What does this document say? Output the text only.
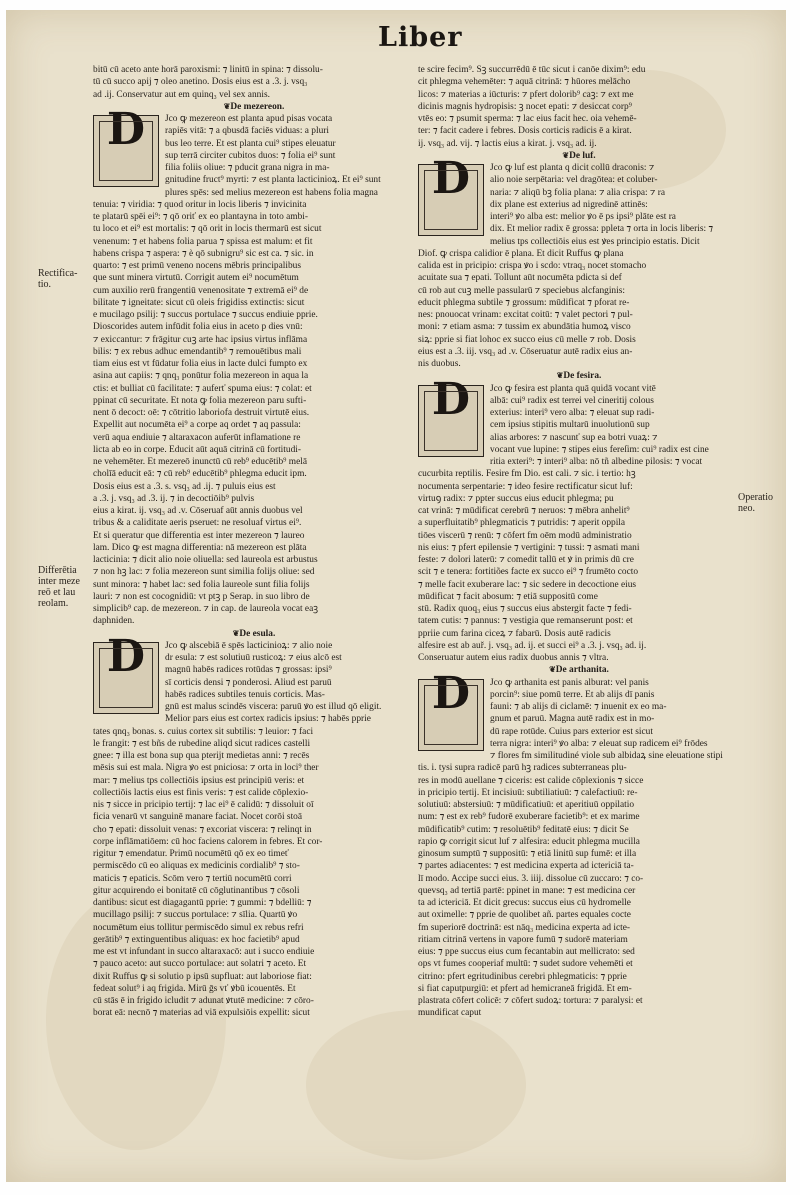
Liber
Rectifica-
tio.
Differētia
inter meze
reō et lau
reolam.
Operatio
neo.
bitū cū aceto ante horā paroxismi: ⁊ linitū in spina: ⁊ dissolu-
tū cū succo apij ⁊ oleo anetino. Dosis eius est a .3. j. vsq₃
ad .ij. Conservatur aut em quinq₃ vel sex annis.
❦ De mezereon.
D	Jco ꝙ mezereon est planta apud pisas vocata
rapiēs vitā: ⁊ a qbusdā faciēs viduas: a pluri
bus leo terre. Et est planta cui⁹ stipes eleuatur
sup terrā circiter cubitos duos: ⁊ folia ei⁹ sunt
filia foliis oliue: ⁊ pducit grana nigra in ma-
gnitudine fruct⁹ myrti: ⁊ est planta lacticinioꝝ. Et ei⁹ sunt
plures spēs: sed melius mezereon est habens folia magna
tenuia: ⁊ viridia: ⁊ quod oritur in locis liberis ⁊ invicinita
te platarū spēi ei⁹: ⁊ qō oriť ex eo plantayna in toto ambi-
tu loco et ei⁹ est mortalis: ⁊ qō orit in locis thermarū est sicut
venenum: ⁊ et habens folia parua ⁊ spissa est malum: et fit
habens crispa ⁊ aspera: ⁊ è qō subnigru⁹ sic est ca. ⁊ sic. in
quarto: ⁊ est primū veneno nocens mēbris principalibus
que sunt minera virtutū. Corrigit autem ei⁹ nocumētum
cum auxilio rerū frangentiū venenositate ⁊ extremā ei⁹ de
bilitate ⁊ igneitate: sicut cū oleis frigidiss extinctis: sicut
e mucilago psilij: ⁊ succus portulace ⁊ succus endiuie pprie.
Dioscorides autem infūdit folia eius in aceto p dies vnū:
⁊ exiccantur: ⁊ frāgitur cuꝫ arte hac ipsius virtus inflāma
bilis: ⁊ ex rebus adhuc emendantib⁹ ⁊ remouētibus mali
tiam eius est vt fūdatur folia eius in lacte dulci fumpto ex
asina aut capiis: ⁊ qnq₃ ponūtur folia mezereon in aqua la
ctis: et bulliat cū facilitate: ⁊ auferť spuma eius: ⁊ colat: et
ppinat cū securitate. Et nota ꝙ folia mezereon paru sufti-
nent ō decoct: oē: ⁊ cōtritio laboriofa destruit virtutē eius.
Expellit aut nocumēta ei⁹ a corpe aq ordet ⁊ aq passula:
verū aqua endiuie ⁊ altaraxacon auferūt inflamatione re
licta ab eo in corpe. Educit aūt aquā citrinā cū fortitudi-
ne vehemēter. Et mezereō inunctū cū reb⁹ educētib⁹ melā
cholīā educit eā: ⁊ cū reb⁹ educētib⁹ phlegma educit ipm.
Dosis eius est a .3. s. vsq₃ ad .ij. ⁊ puluis eius est
a .3. j. vsq₃ ad .3. ij. ⁊ in decoctiōib⁹ pulvis
eius a kirat. ij. vsq₃ ad .v. Cōseruaf aūt annis duobus vel
tribus & a caliditate aeris pseruet: ne resoluaf virtus ei⁹.
Et si queratur que differentia est inter mezereon ⁊ laureo
lam. Dico ꝙ est magna differentia: nā mezereon est plāta
lacticinia: ⁊ dicit alio noie oliuella: sed laureola est arbustus
⁊ non hꝫ lac: ⁊ folia mezereon sunt similia folijs oliue: sed
sunt minora: ⁊ habet lac: sed folia laureole sunt filia folijs
lauri: ⁊ non est cocognidiū: vt ptꝫ p Serap. in suo libro de
simplicib⁹ cap. de mezereon. ⁊ in cap. de laureola vocat eaꝫ
daphniden.
❦ De esula.
D	Jco ꝙ alscebiā ē spēs lacticinioꝝ: ⁊ alio noie
dr esula: ⁊ est solutiuū rusticoꝝ: ⁊ eius alcō est
magnū habēs radices rotūdas ⁊ grossas: ipsi⁹
sī corticis densi ⁊ ponderosi. Aliud est paruū
habēs radices subtiles tenuis corticis. Mas-
gnū est malus scindēs viscera: paruū ꝟo est illud qō eligit.
Melior pars eius est cortex radicis ipsius: ⁊ habēs pprie
tates qnq₃ bonas. s. cuius cortex sit subtilis: ⁊ leuior: ⁊ faci
le frangit: ⁊ est bñs de rubedine aliqd sicut radices castelli
gnee: ⁊ illa est bona sup qua pterijt medietas anni: ⁊ recēs
mēsis sui est mala. Nigra ꝟo est pniciosa: ⁊ orta in loci⁹ ther
mar: ⁊ melius tps collectiōis ipsius est principiū veris: et
collectiōis lactis eius est finis veris: ⁊ est calide cōplexio-
nis ⁊ sicce in pricipio tertij: ⁊ lac ei⁹ ē calidū: ⁊ dissoluit oī
ficia venarū vt sanguinē manare faciat. Nocet corōi stoā
cho ⁊ epati: dissoluit venas: ⁊ excoriat viscera: ⁊ relinqt in
corpe inflāmatiōem: cū hoc faciens calorem in febres. Et cor-
rigitur ⁊ emendatur. Primū nocumētū qō ex eo timeť
permiscēdo cū eo aliquas ex medicinis cordialib⁹ ⁊ sto-
maticis ⁊ epaticis. Scōm vero ⁊ tertiū nocumētū corri
gitur acquirendo ei bonitatē cū cōglutinantibus ⁊ cōsoli
dantibus: sicut est diagagantū pprie: ⁊ gummi: ⁊ bdelliū: ⁊
mucillago psilij: ⁊ succus portulace: ⁊ sīlia. Quartū ꝟo
nocumētum eius tollitur permiscēdo simul ex rebus refri
gerātib⁹ ⁊ extinguentibus aliquas: ex hoc facietib⁹ apud
me est vt infundant in succo altaraxacō: aut i succo endiuie
⁊ pauco aceto: aut succo portulace: aut solatri ⁊ aceto. Et
dixit Ruffus ꝙ si solutio p ipsū supfluat: aut laboriose fiat:
fedeat solut⁹ i aq frigida. Mirū ḡs vť ꝟbū icouentēs. Et
cū stās ē in frigido icludit ⁊ adunat ꝟtutē medicine: ⁊ cōro-
borat eā: necnō ⁊ materias ad viā expulsiōis expellit: sicut
te scire fecim⁹. Sꝫ succurrēdū ē tūc sicut i canōe dixim⁹: edu
cit phlegma vehemēter: ⁊ aquā citrinā: ⁊ hūores melācho
licos: ⁊ materias a iūcturis: ⁊ pfert dolorib⁹ caꝫ: ⁊ ext me
dicinis magnis hydropisis: ꝫ nocet epati: ⁊ desiccat corp⁹
vtēs eo: ⁊ psumit sperma: ⁊ lac eius facit hec. oia vehemē-
ter: ⁊ facit cadere i febres. Dosis corticis radicis ē a kirat.
ij. vsq₃ ad. vij. ⁊ lactis eius a kirat. j. vsq₃ ad. ij.
❦ De luf.
D	Jco ꝙ luf est planta q dicit collū draconis: ⁊
alio noie serpētaria: vel dragōtea: et coluber-
naria: ⁊ aliqū bꝫ folia plana: ⁊ alia crispa: ⁊ ra
dix plane est exterius ad nigredinē attinēs:
interi⁹ ꝟo alba est: melior ꝟo ē ps ipsi⁹ plāte est ra
dix. Et melior radix ē grossa: ppleta ⁊ orta in locis liberis: ⁊
melius tps collectiōis eius est ꝟes principio estatis. Dicit
Diof. ꝙ crispa calidior ē plana. Et dicit Ruffus ꝙ plana
calida est in pricipio: crispa ꝟo i scdo: vtraq₃ nocet stomacho
acuitate sua ⁊ epati. Tollunt aūt nocumēta pdicta si def
cū rob aut cuꝫ melle passularū ⁊ speciebus alcfanginis:
educit phlegma subtile ⁊ grossum: mūdificat ⁊ pforat re-
nes: pnouocat vrinam: excitat coitū: ⁊ valet pectori ⁊ pul-
moni: ⁊ etiam asma: ⁊ tussim ex abundātia humoꝝ visco
siꝝ: pprie si fiat lohoc ex succo eius cū melle ⁊ rob. Dosis
eius est a .3. iij. vsq₃ ad .v. Cōseruatur autē radix eius an-
nis duobus.
❦ De fesira.
D	Jco ꝙ fesira est planta quā quidā vocant vitē
albā: cui⁹ radix est terrei vel cineritij colous
exterius: interi⁹ vero alba: ⁊ eleuat sup radi-
cem ipsius stipitis multarū inuolutionū sup
alias arbores: ⁊ nascunť sup ea botri vuaꝝ: ⁊
vocant vue lupine: ⁊ stipes eius fereſim: cui⁹ radix est cine
ritia exteri⁹: ⁊ interi⁹ alba: nō tñ albedine pilosis: ⁊ vocat
cucurbita reptilis. Fesire fm Dio. est cali. ⁊ sic. i tertio: hꝫ
nocumenta serpentarie: ⁊ ideo fesire rectificatur sicut luf:
virtuꝯ radix: ⁊ ppter succus eius educit phlegma; pu
cat vrinā: ⁊ mūdificat cerebrū ⁊ neruos: ⁊ mēbra anhelit⁹
a superfluitatib⁹ phlegmaticis ⁊ putridis: ⁊ aperit oppila
tiōes viscerū ⁊ renū: ⁊ cōfert fm oēm modū administratio
nis eius: ⁊ pfert epilensie ⁊ vertigini: ⁊ tussi: ⁊ asmati mani
feste: ⁊ dolori laterū: ⁊ comedit tallū et ꝟ in primis dū cre
scit ⁊ e tenera: fortitiões facte ex succo ei⁹ ⁊ frumēto cocto
⁊ melle facit exuberare lac: ⁊ sic sedere in decoctione eius
mūdificat ⁊ facit abosum: ⁊ etiā suppositū come
stū. Radix quoq₃ eius ⁊ succus eius abstergit facte ⁊ fedi-
tatem cutis: ⁊ pannus: ⁊ vestigia que remanserunt post: et
ppriie cum farina ciceꝝ ⁊ fabarū. Dosis autē radicis
alfesire est ab auř. j. vsq₃ ad. ij. et succi ei⁹ a .3. j. vsq₃ ad. ij.
Conseruatur autem eius radix duobus annis ⁊ vltra.
❦ De arthanita.
D	Jco ꝙ arthanita est panis alburat: vel panis
porcin⁹: siue pomū terre. Et ab alijs dī panis
fauni: ⁊ ab alijs di ciclamē: ⁊ inuenit ex eo ma-
gnum et paruū. Magna autē radix est in mo-
dū rape rotūde. Cuius pars exterior est sicut
terra nigra: interi⁹ ꝟo alba: ⁊ eleuat sup radicem ei⁹ frōdes
⁊ flores fm similitudiné viole sub albidaꝝ sine eleuatione stipi
tis. i. tysi supra radicē parū hꝫ radices subterraneas plu-
res in modū auellane ⁊ ciceris: est calide cōplexionis ⁊ sicce
in pricipio tertij. Et incisiuū: subtiliatiuū: ⁊ calefactiuū: re-
solutiuū: abstersiuū: ⁊ mūdificatiuū: et aperitiuū oppilatio
num: ⁊ est ex reb⁹ fudorē exuberare facietib⁹: et ex marime
mūdificatib⁹ cutim: ⁊ resoluētib⁹ feditatē eius: ⁊ dicit Se
rapio ꝙ corrigit sicut luf ⁊ alfesira: educit phlegma mucilla
ginosum sumptū ⁊ suppositū: ⁊ etiā linitū sup fumē: et illa
⁊ partes adiacentes: ⁊ est medicina experta ad ictericiā ta-
lī modo. Accipe succi eius. 3. iiij. dissolue cū zuccaro: ⁊ co-
quevsq₃ ad tertiā partē: ppinet in mane: ⁊ est medicina cer
ta ad ictericiā. Et dicit grecus: succus eius cū hydromelle
aut oximelle: ⁊ pprie de quolibet añ. partes equales cocte
fm superiorē doctrinā: est nāq₃ medicina experta ad icte-
ritiam citrinā vertens in vapore fumū ⁊ sudorē materiam
eius: ⁊ ppe succus eius cum fecantabin aut mellicrato: sed
ops vt fumes cooperiaf multū: ⁊ sudet sudore vehemēti et
citrino: pfert egritudinibus cerebri phlegmaticis: ⁊ pprie
si fiat caputpurgiū: et pfert ad hemicraneā frigidā. Et em-
plastrata cōfert colicē: ⁊ cōfert sudoꝝ: tortura: ⁊ paralysi: et
mundificat caput
